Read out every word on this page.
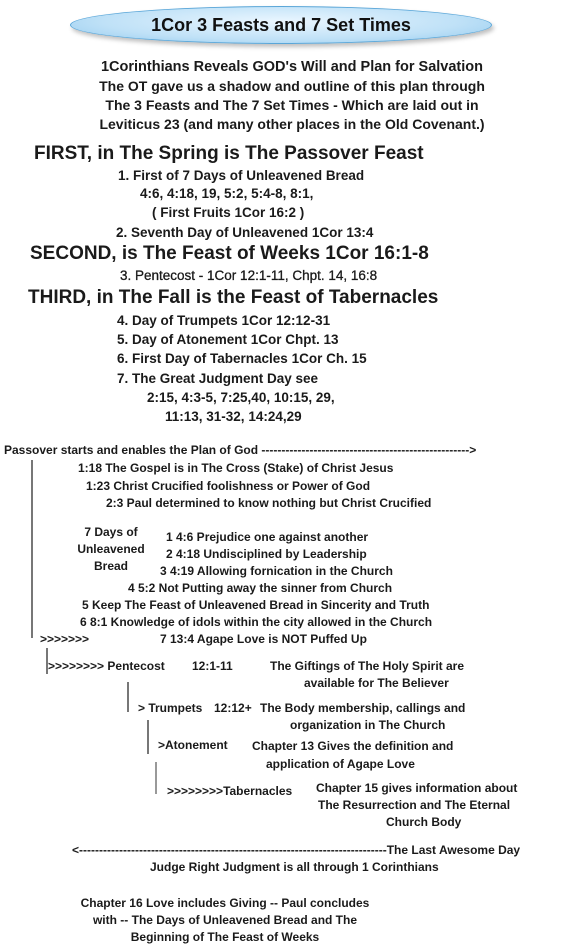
1Cor 3 Feasts and 7 Set Times
1Corinthians Reveals GOD's Will and Plan for Salvation
The OT gave us a shadow and outline of this plan through
The 3 Feasts and The 7 Set Times - Which are laid out in
Leviticus 23 (and many other places in the Old Covenant.)
FIRST, in The Spring is The Passover Feast
1. First of 7 Days of Unleavened Bread
4:6, 4:18, 19, 5:2, 5:4-8, 8:1,
( First Fruits 1Cor 16:2 )
2. Seventh Day of Unleavened 1Cor 13:4
SECOND, is The Feast of Weeks 1Cor 16:1-8
3. Pentecost - 1Cor 12:1-11, Chpt. 14, 16:8
THIRD, in The Fall is the Feast of Tabernacles
4. Day of Trumpets 1Cor 12:12-31
5. Day of Atonement 1Cor Chpt. 13
6. First Day of Tabernacles 1Cor Ch. 15
7. The Great Judgment Day see
2:15, 4:3-5, 7:25,40, 10:15, 29,
11:13, 31-32, 14:24,29
Passover starts and enables the Plan of God ---------------------------------------------------->
1:18 The Gospel is in The Cross (Stake) of Christ Jesus
1:23 Christ Crucified foolishness or Power of God
2:3 Paul determined to know nothing but Christ Crucified
7 Days of
Unleavened
Bread
1 4:6 Prejudice one against another
2 4:18 Undisciplined by Leadership
3 4:19 Allowing fornication in the Church
4 5:2 Not Putting away the sinner from Church
5 Keep The Feast of Unleavened Bread in Sincerity and Truth
6 8:1 Knowledge of idols within the city allowed in the Church
>>>>>>>	7 13:4 Agape Love is NOT Puffed Up
>>>>>>>> Pentecost 12:1-11	The Giftings of The Holy Spirit are
available for The Believer
> Trumpets 12:12+ The Body membership, callings and
organization in The Church
>Atonement Chapter 13 Gives the definition and
application of Agape Love
>>>>>>>>Tabernacles Chapter 15 gives information about
The Resurrection and The Eternal
Church Body
<-----------------------------------------------------------------------------The Last Awesome Day
Judge Right Judgment is all through 1 Corinthians
Chapter 16 Love includes Giving -- Paul concludes
with -- The Days of Unleavened Bread and The
Beginning of The Feast of Weeks
